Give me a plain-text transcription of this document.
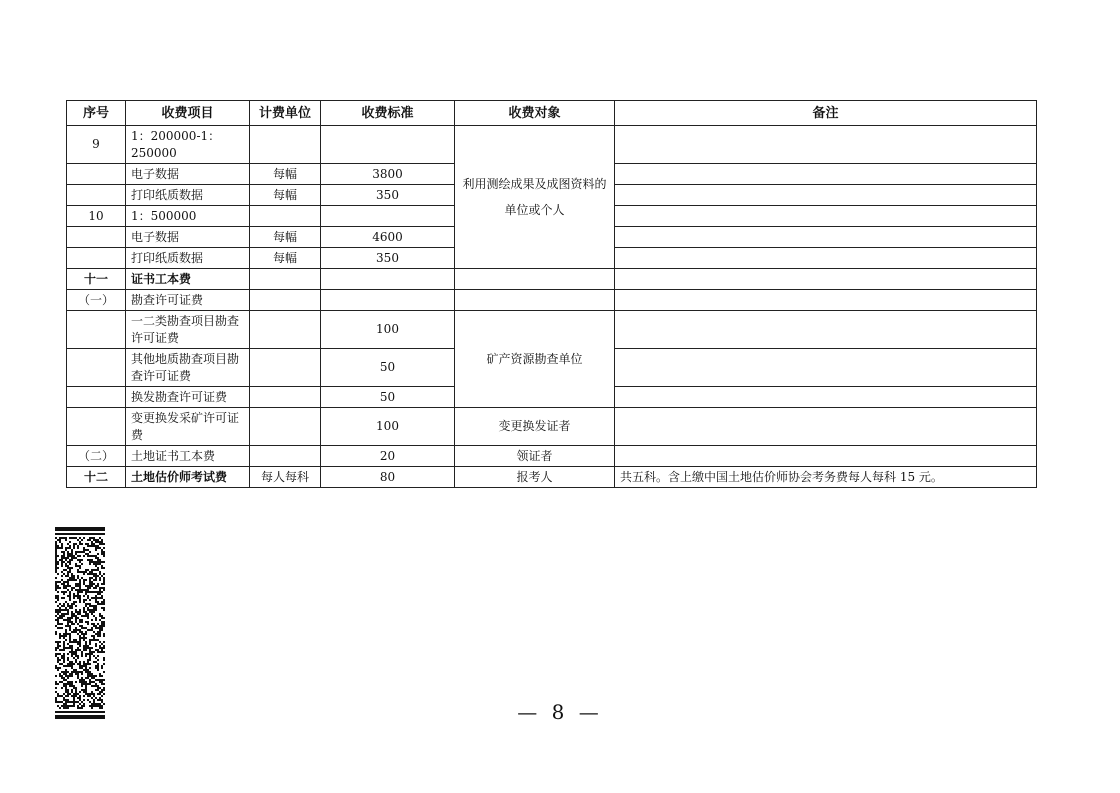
序号	收费项目	计费单位	收费标准	收费对象	备注
9	1：200000-1：250000			利用测绘成果及成图资料的单位或个人	
	电子数据	每幅	3800		
	打印纸质数据	每幅	350		
10	1：500000				
	电子数据	每幅	4600		
	打印纸质数据	每幅	350		
十一	证书工本费				
（一）	勘查许可证费				
	一二类勘查项目勘查许可证费		100	矿产资源勘查单位	
	其他地质勘查项目勘查许可证费		50		
	换发勘查许可证费		50		
	变更换发采矿许可证费		100	变更换发证者	
（二）	土地证书工本费		20	领证者	
十二	土地估价师考试费	每人每科	80	报考人	共五科。含上缴中国土地估价师协会考务费每人每科 15 元。
— 8 —
